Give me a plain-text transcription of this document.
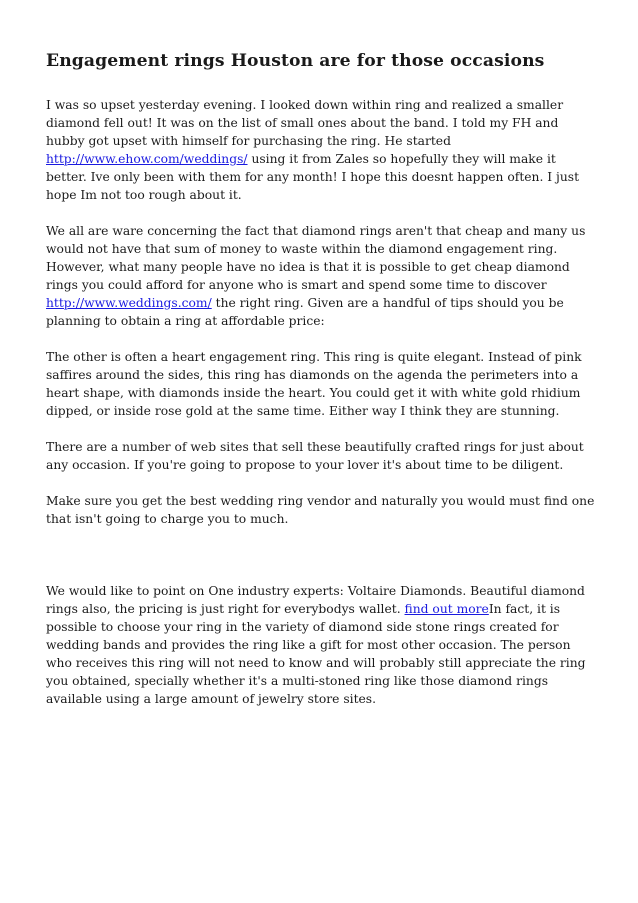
Engagement rings Houston are for those occasions

I was so upset yesterday evening. I looked down within ring and realized a smaller diamond fell out! It was on the list of small ones about the band. I told my FH and hubby got upset with himself for purchasing the ring. He started http://www.ehow.com/weddings/ using it from Zales so hopefully they will make it better. Ive only been with them for any month! I hope this doesnt happen often. I just hope Im not too rough about it.

We all are ware concerning the fact that diamond rings aren't that cheap and many us would not have that sum of money to waste within the diamond engagement ring. However, what many people have no idea is that it is possible to get cheap diamond rings you could afford for anyone who is smart and spend some time to discover http://www.weddings.com/ the right ring. Given are a handful of tips should you be planning to obtain a ring at affordable price:

The other is often a heart engagement ring. This ring is quite elegant. Instead of pink saffires around the sides, this ring has diamonds on the agenda the perimeters into a heart shape, with diamonds inside the heart. You could get it with white gold rhidium dipped, or inside rose gold at the same time. Either way I think they are stunning.

There are a number of web sites that sell these beautifully crafted rings for just about any occasion. If you're going to propose to your lover it's about time to be diligent.

Make sure you get the best wedding ring vendor and naturally you would must find one that isn't going to charge you to much.

We would like to point on One industry experts: Voltaire Diamonds. Beautiful diamond rings also, the pricing is just right for everybodys wallet. find out moreIn fact, it is possible to choose your ring in the variety of diamond side stone rings created for wedding bands and provides the ring like a gift for most other occasion. The person who receives this ring will not need to know and will probably still appreciate the ring you obtained, specially whether it's a multi-stoned ring like those diamond rings available using a large amount of jewelry store sites.
